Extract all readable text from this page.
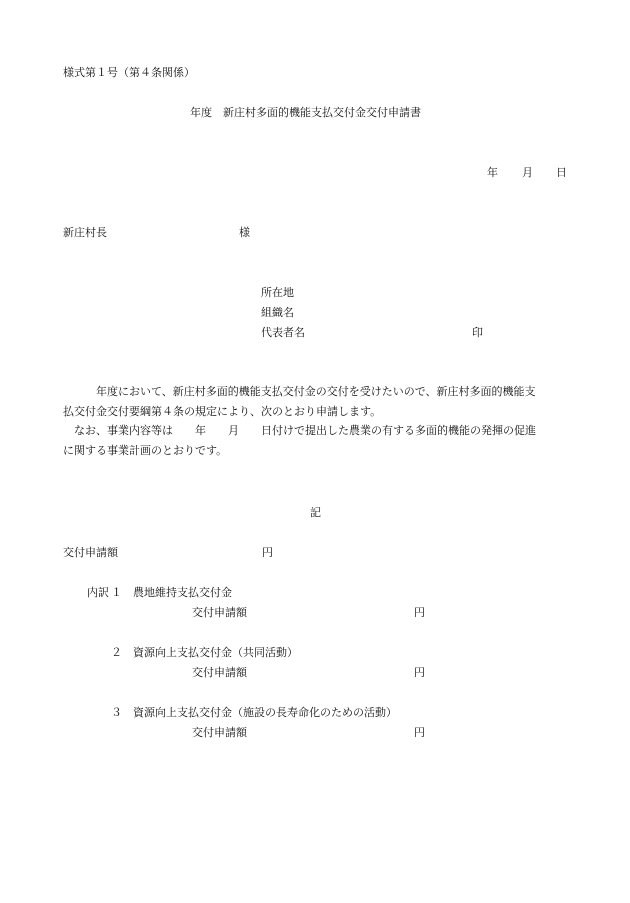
様式第１号（第４条関係）
年度　新庄村多面的機能支払交付金交付申請書
年 月 日
新庄村長	様
所在地
組織名
代表者名	印

年度において、新庄村多面的機能支払交付金の交付を受けたいので、新庄村多面的機能支

払交付金交付要綱第４条の規定により、次のとおり申請します。

なお、事業内容等は　　年　　月　　日付けで提出した農業の有する多面的機能の発揮の促進

に関する事業計画のとおりです。

記
交付申請額	円
内訳 １ 農地維持支払交付金
交付申請額	円
２ 資源向上支払交付金（共同活動）
交付申請額	円
３ 資源向上支払交付金（施設の長寿命化のための活動）
交付申請額	円
